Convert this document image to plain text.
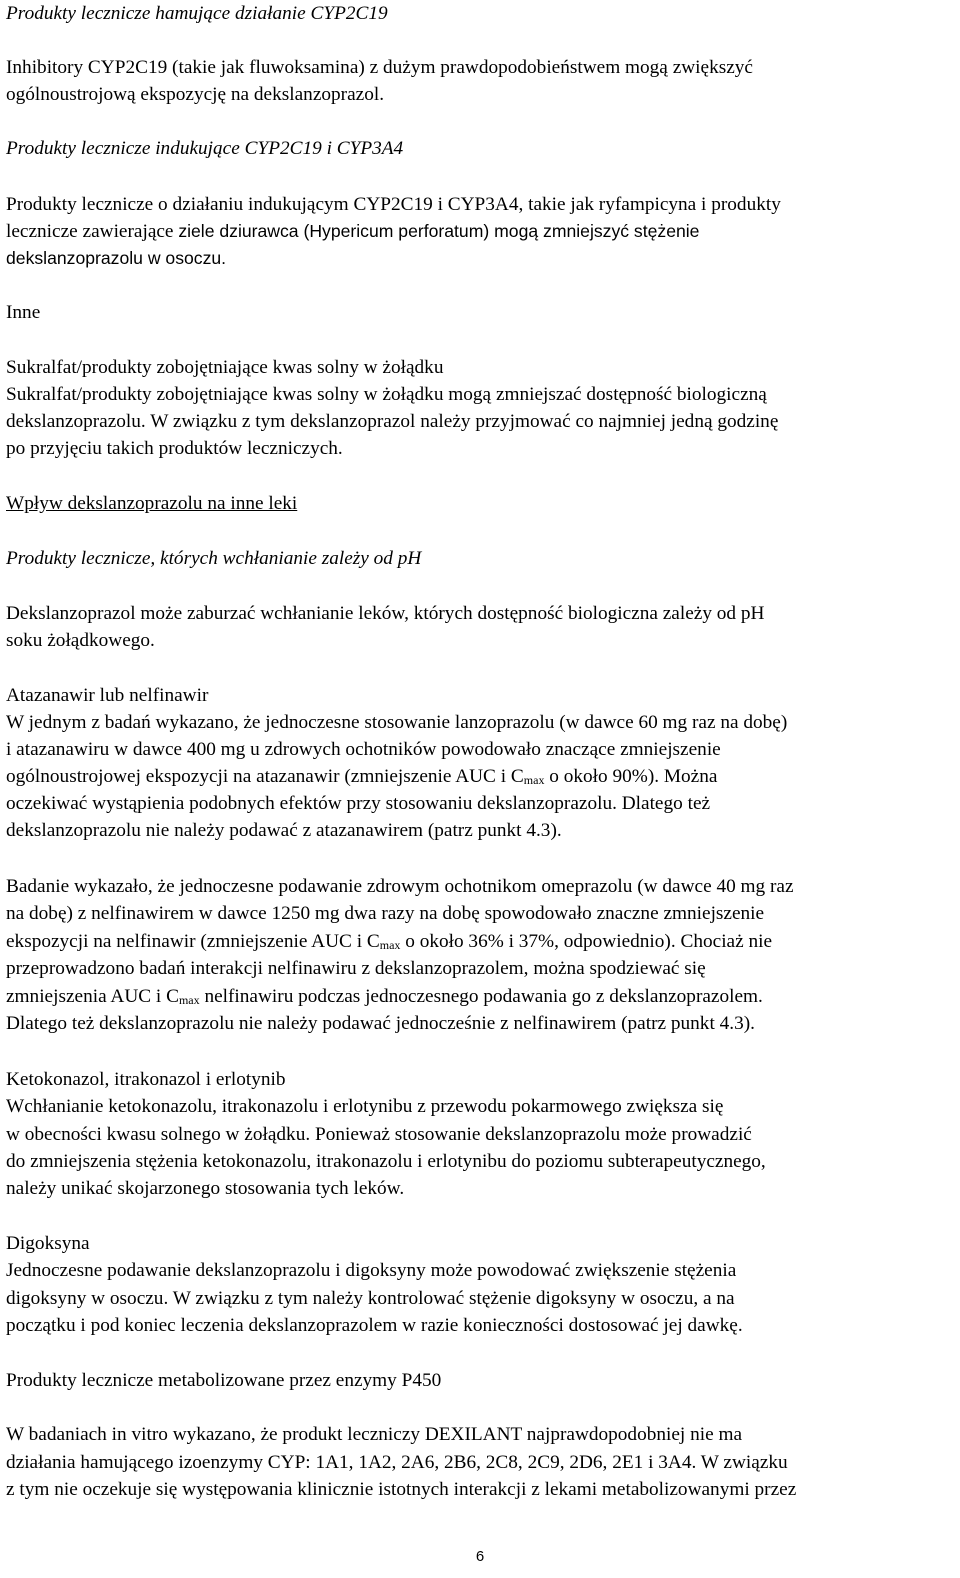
Produkty lecznicze hamujące działanie CYP2C19
Inhibitory CYP2C19 (takie jak fluwoksamina) z dużym prawdopodobieństwem mogą zwiększyć
ogólnoustrojową ekspozycję na dekslanzoprazol.
Produkty lecznicze indukujące CYP2C19 i CYP3A4
Produkty lecznicze o działaniu indukującym CYP2C19 i CYP3A4, takie jak ryfampicyna i produkty
lecznicze zawierające ziele dziurawca (Hypericum perforatum) mogą zmniejszyć stężenie
dekslanzoprazolu w osoczu.
Inne
Sukralfat/produkty zobojętniające kwas solny w żołądku
Sukralfat/produkty zobojętniające kwas solny w żołądku mogą zmniejszać dostępność biologiczną
dekslanzoprazolu. W związku z tym dekslanzoprazol należy przyjmować co najmniej jedną godzinę
po przyjęciu takich produktów leczniczych.
Wpływ dekslanzoprazolu na inne leki
Produkty lecznicze, których wchłanianie zależy od pH
Dekslanzoprazol może zaburzać wchłanianie leków, których dostępność biologiczna zależy od pH
soku żołądkowego.
Atazanawir lub nelfinawir
W jednym z badań wykazano, że jednoczesne stosowanie lanzoprazolu (w dawce 60 mg raz na dobę)
i atazanawiru w dawce 400 mg u zdrowych ochotników powodowało znaczące zmniejszenie
ogólnoustrojowej ekspozycji na atazanawir (zmniejszenie AUC i $C_{max}$ o około 90%). Można
oczekiwać wystąpienia podobnych efektów przy stosowaniu dekslanzoprazolu. Dlatego też
dekslanzoprazolu nie należy podawać z atazanawirem (patrz punkt 4.3).
Badanie wykazało, że jednoczesne podawanie zdrowym ochotnikom omeprazolu (w dawce 40 mg raz
na dobę) z nelfinawirem w dawce 1250 mg dwa razy na dobę spowodowało znaczne zmniejszenie
ekspozycji na nelfinawir (zmniejszenie AUC i $C_{max}$ o około 36% i 37%, odpowiednio). Chociaż nie
przeprowadzono badań interakcji nelfinawiru z dekslanzoprazolem, można spodziewać się
zmniejszenia AUC i $C_{max}$ nelfinawiru podczas jednoczesnego podawania go z dekslanzoprazolem.
Dlatego też dekslanzoprazolu nie należy podawać jednocześnie z nelfinawirem (patrz punkt 4.3).
Ketokonazol, itrakonazol i erlotynib
Wchłanianie ketokonazolu, itrakonazolu i erlotynibu z przewodu pokarmowego zwiększa się
w obecności kwasu solnego w żołądku. Ponieważ stosowanie dekslanzoprazolu może prowadzić
do zmniejszenia stężenia ketokonazolu, itrakonazolu i erlotynibu do poziomu subterapeutycznego,
należy unikać skojarzonego stosowania tych leków.
Digoksyna
Jednoczesne podawanie dekslanzoprazolu i digoksyny może powodować zwiększenie stężenia
digoksyny w osoczu. W związku z tym należy kontrolować stężenie digoksyny w osoczu, a na
początku i pod koniec leczenia dekslanzoprazolem w razie konieczności dostosować jej dawkę.
Produkty lecznicze metabolizowane przez enzymy P450
W badaniach in vitro wykazano, że produkt leczniczy DEXILANT najprawdopodobniej nie ma
działania hamującego izoenzymy CYP: 1A1, 1A2, 2A6, 2B6, 2C8, 2C9, 2D6, 2E1 i 3A4. W związku
z tym nie oczekuje się występowania klinicznie istotnych interakcji z lekami metabolizowanymi przez
6
